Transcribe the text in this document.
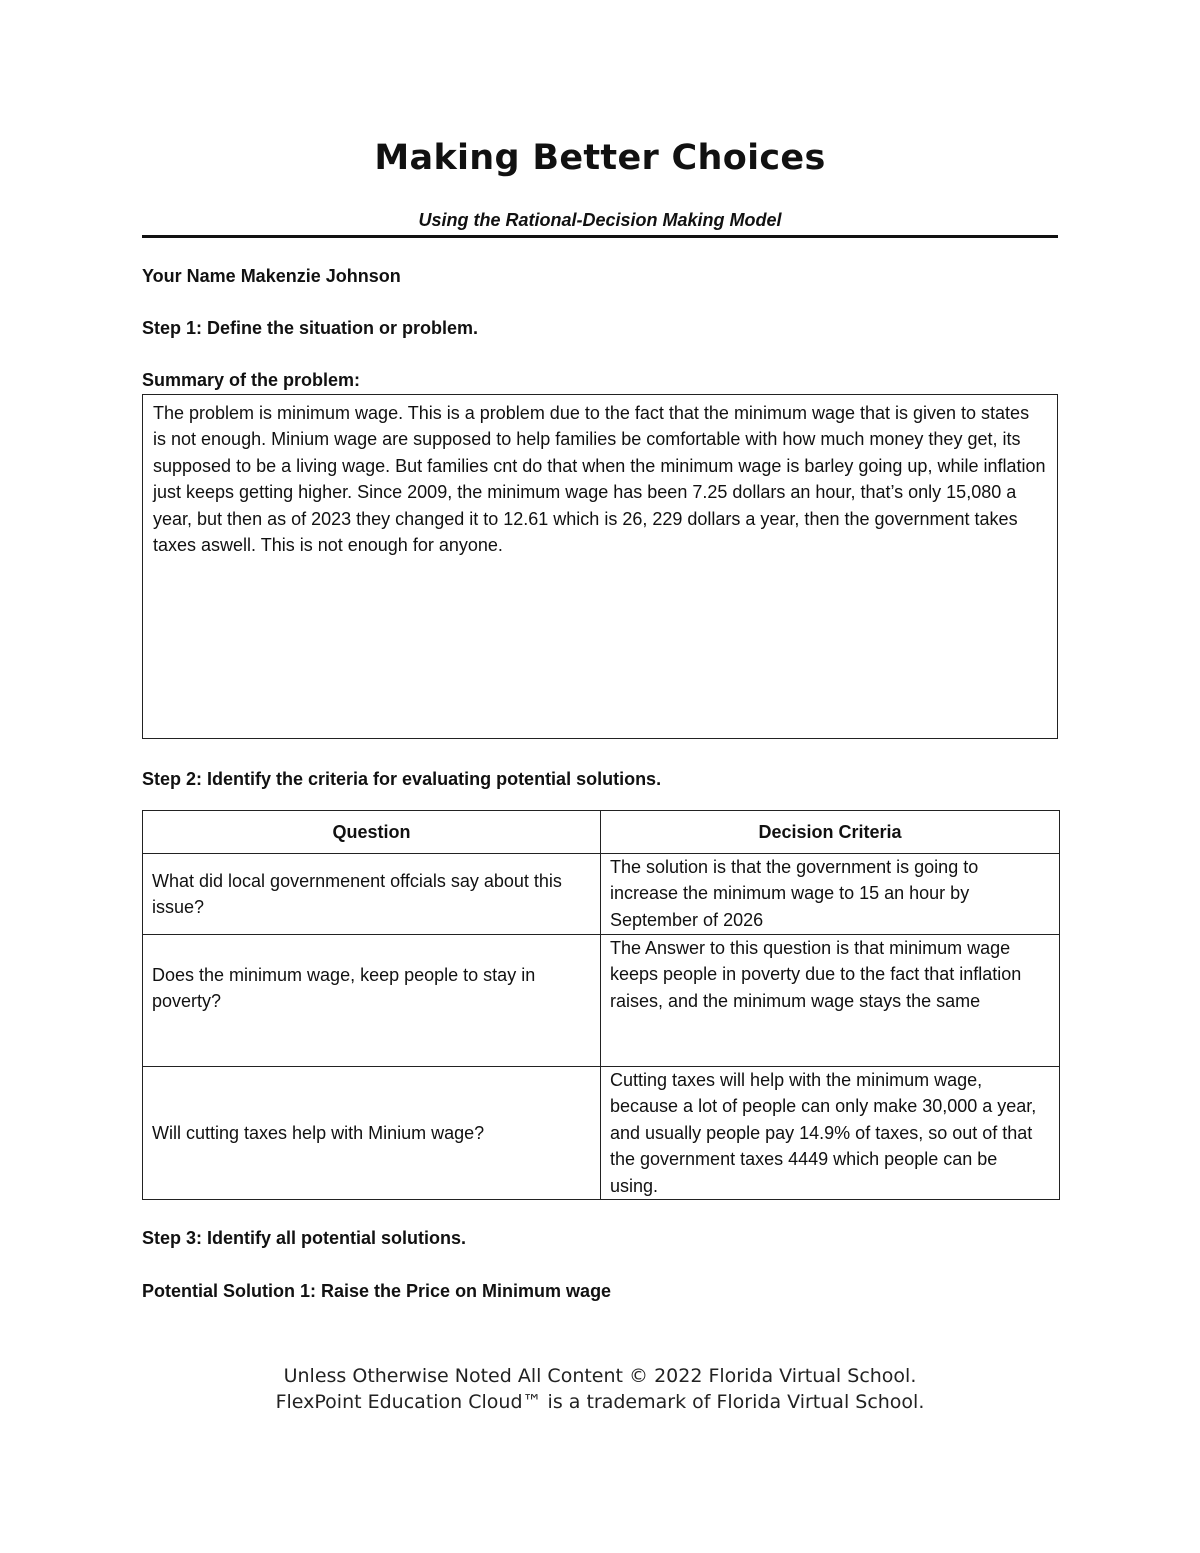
Making Better Choices
Using the Rational-Decision Making Model
Your Name Makenzie Johnson
Step 1: Define the situation or problem.
Summary of the problem:
The problem is minimum wage. This is a problem due to the fact that the minimum wage that is given to states is not enough. Minium wage are supposed to help families be comfortable with how much money they get, its supposed to be a living wage. But families cnt do that when the minimum wage is barley going up, while inflation just keeps getting higher. Since 2009, the minimum wage has been 7.25 dollars an hour, that’s only 15,080 a year, but then as of 2023 they changed it to 12.61 which is 26, 229 dollars a year, then the government takes taxes aswell. This is not enough for anyone.
Step 2: Identify the criteria for evaluating potential solutions.
Question	Decision Criteria
What did local governmenent offcials say about this issue?	The solution is that the government is going to increase the minimum wage to 15 an hour by September of 2026
Does the minimum wage, keep people to stay in poverty?	The Answer to this question is that minimum wage keeps people in poverty due to the fact that inflation raises, and the minimum wage stays the same
Will cutting taxes help with Minium wage?	Cutting taxes will help with the minimum wage, because a lot of people can only make 30,000 a year, and usually people pay 14.9% of taxes, so out of that the government taxes 4449 which people can be using.
Step 3: Identify all potential solutions.
Potential Solution 1: Raise the Price on Minimum wage
Unless Otherwise Noted All Content © 2022 Florida Virtual School.
FlexPoint Education Cloud™ is a trademark of Florida Virtual School.
